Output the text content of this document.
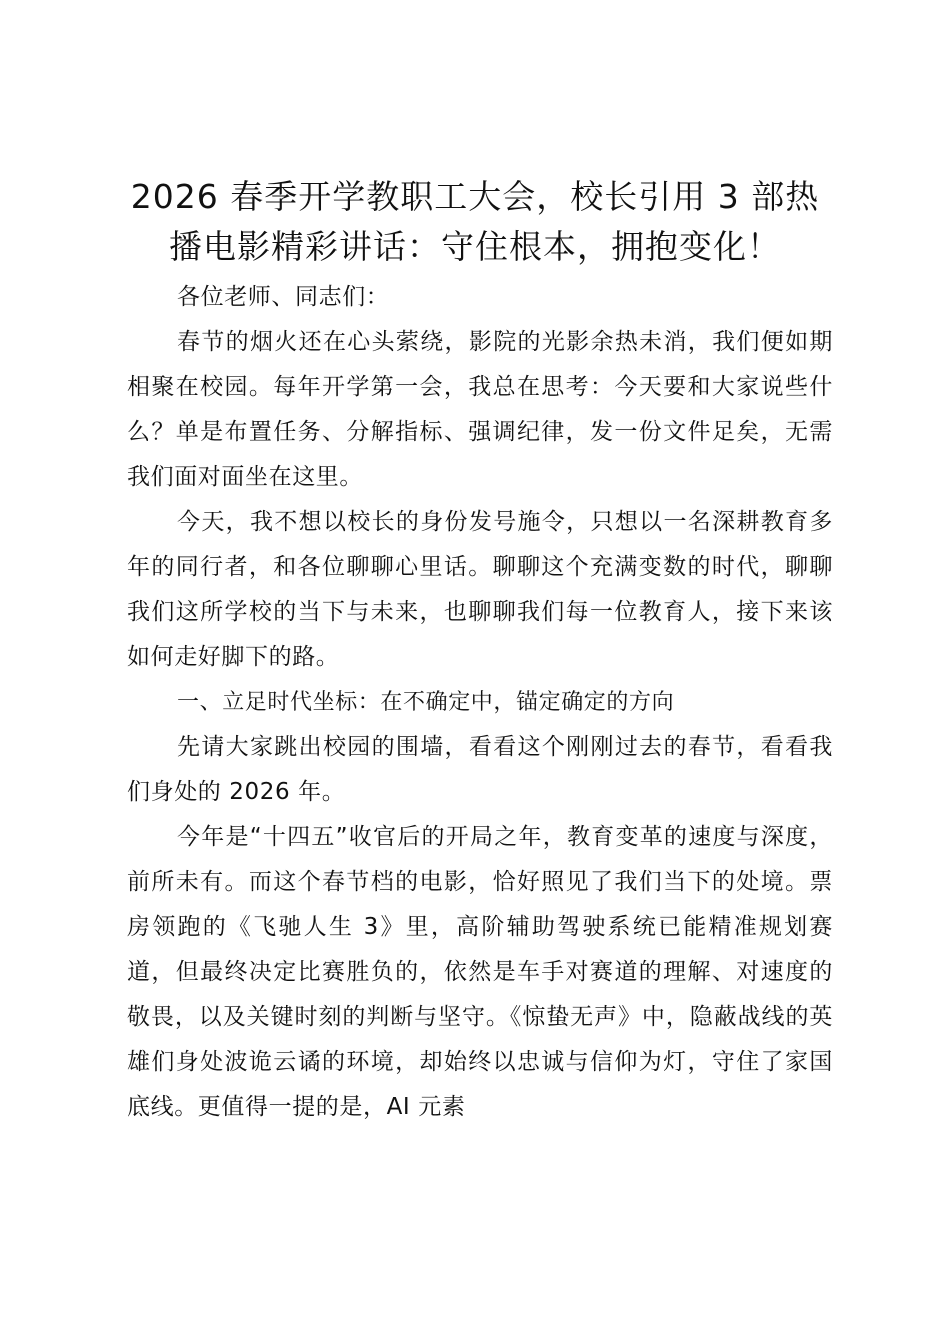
2026 春季开学教职工大会，校长引用 3 部热播电影精彩讲话：守住根本，拥抱变化！

各位老师、同志们：

春节的烟火还在心头萦绕，影院的光影余热未消，我们便如期相聚在校园。每年开学第一会，我总在思考：今天要和大家说些什么？单是布置任务、分解指标、强调纪律，发一份文件足矣，无需我们面对面坐在这里。

今天，我不想以校长的身份发号施令，只想以一名深耕教育多年的同行者，和各位聊聊心里话。聊聊这个充满变数的时代，聊聊我们这所学校的当下与未来，也聊聊我们每一位教育人，接下来该如何走好脚下的路。

一、立足时代坐标：在不确定中，锚定确定的方向

先请大家跳出校园的围墙，看看这个刚刚过去的春节，看看我们身处的 2026 年。

今年是“十四五”收官后的开局之年，教育变革的速度与深度，前所未有。而这个春节档的电影，恰好照见了我们当下的处境。票房领跑的《飞驰人生 3》里，高阶辅助驾驶系统已能精准规划赛道，但最终决定比赛胜负的，依然是车手对赛道的理解、对速度的敬畏，以及关键时刻的判断与坚守。《惊蛰无声》中，隐蔽战线的英雄们身处波诡云谲的环境，却始终以忠诚与信仰为灯，守住了家国底线。更值得一提的是，AI 元素
